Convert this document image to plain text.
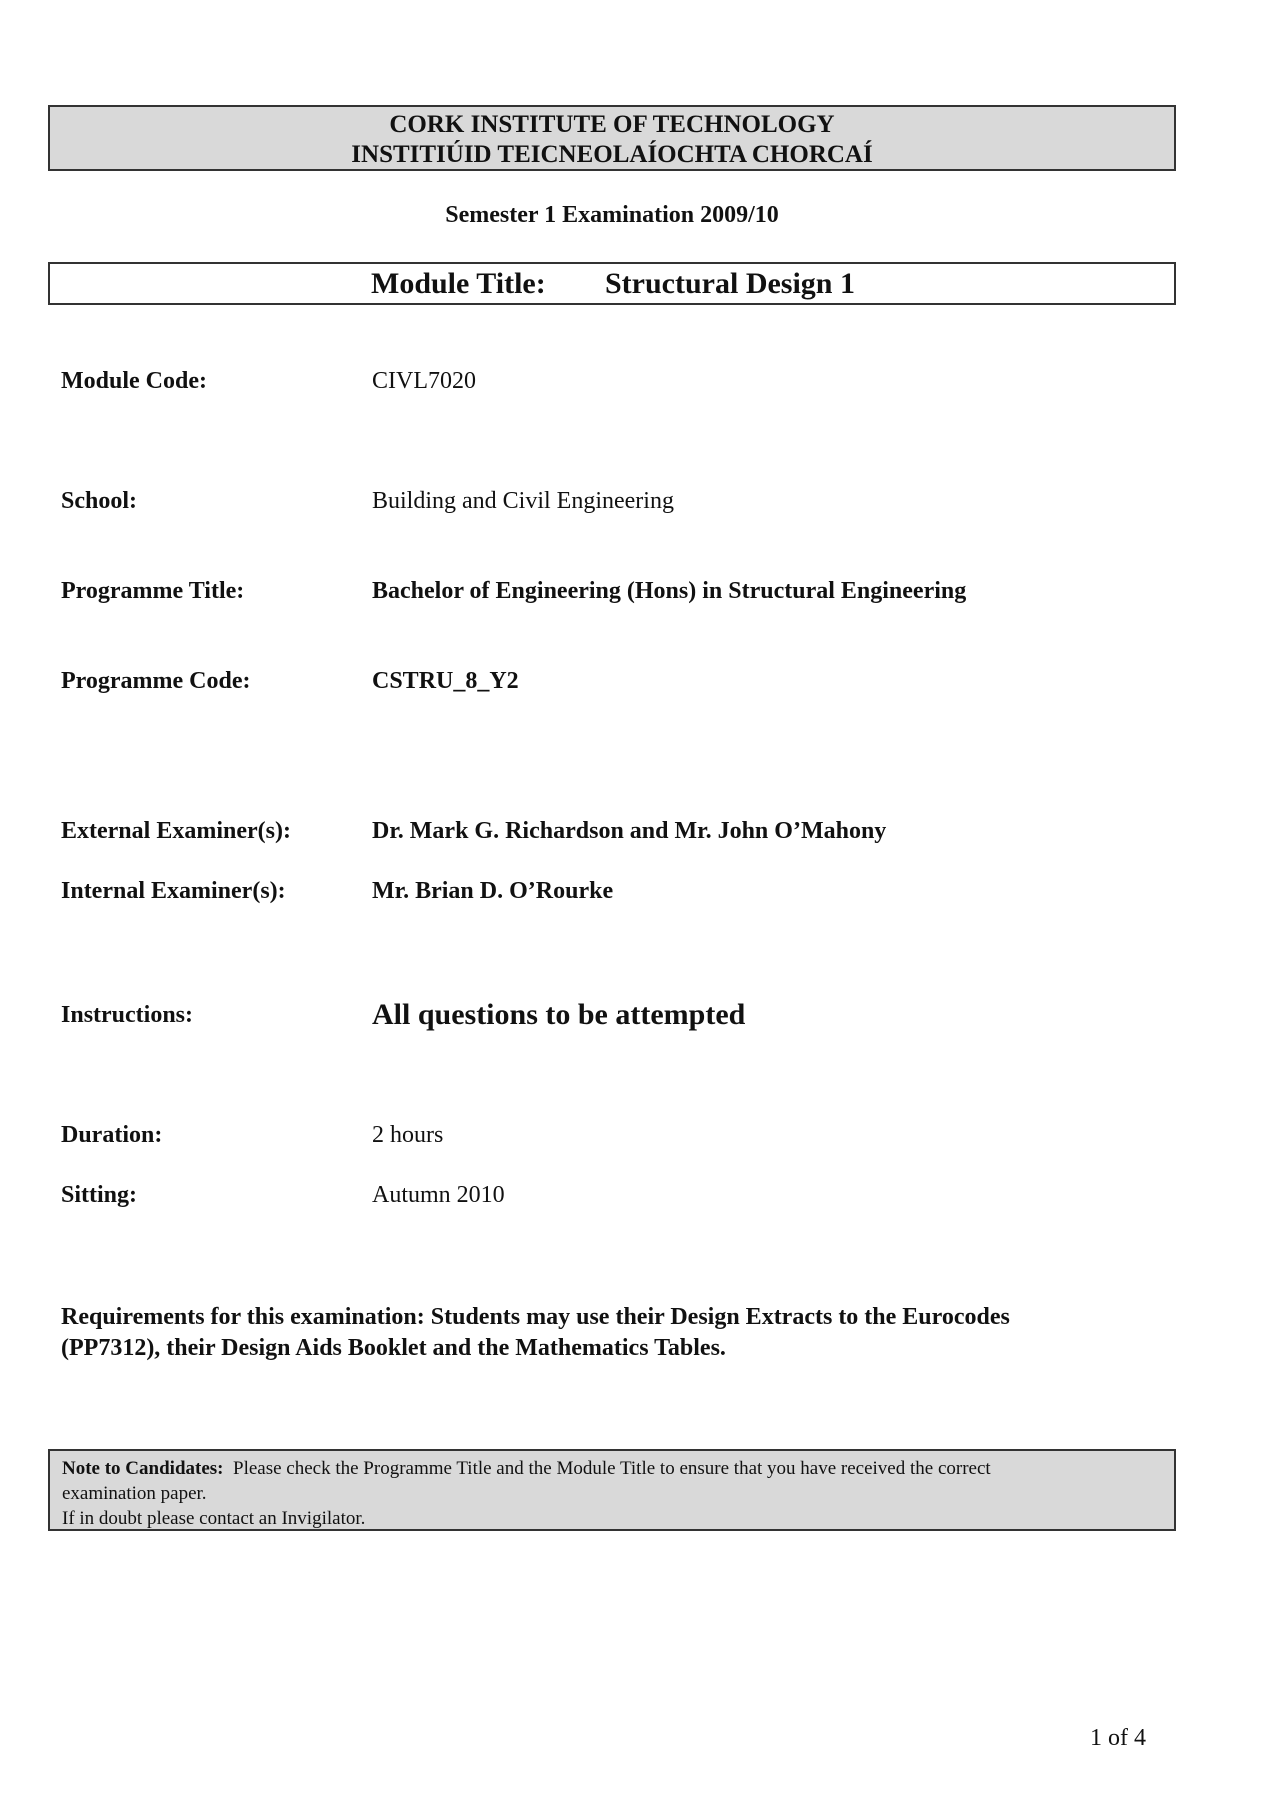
CORK INSTITUTE OF TECHNOLOGY
INSTITIÚID TEICNEOLAÍOCHTA CHORCAÍ
Semester 1 Examination 2009/10
Module Title: Structural Design 1
Module Code:	CIVL7020
School:	Building and Civil Engineering
Programme Title:	Bachelor of Engineering (Hons) in Structural Engineering
Programme Code:	CSTRU_8_Y2
External Examiner(s):	Dr. Mark G. Richardson and Mr. John O’Mahony
Internal Examiner(s):	Mr. Brian D. O’Rourke
Instructions:	All questions to be attempted
Duration:	2 hours
Sitting:	Autumn 2010
Requirements for this examination: Students may use their Design Extracts to the Eurocodes
(PP7312), their Design Aids Booklet and the Mathematics Tables.
Note to Candidates: Please check the Programme Title and the Module Title to ensure that you have received the correct
examination paper.
If in doubt please contact an Invigilator.
1 of 4
